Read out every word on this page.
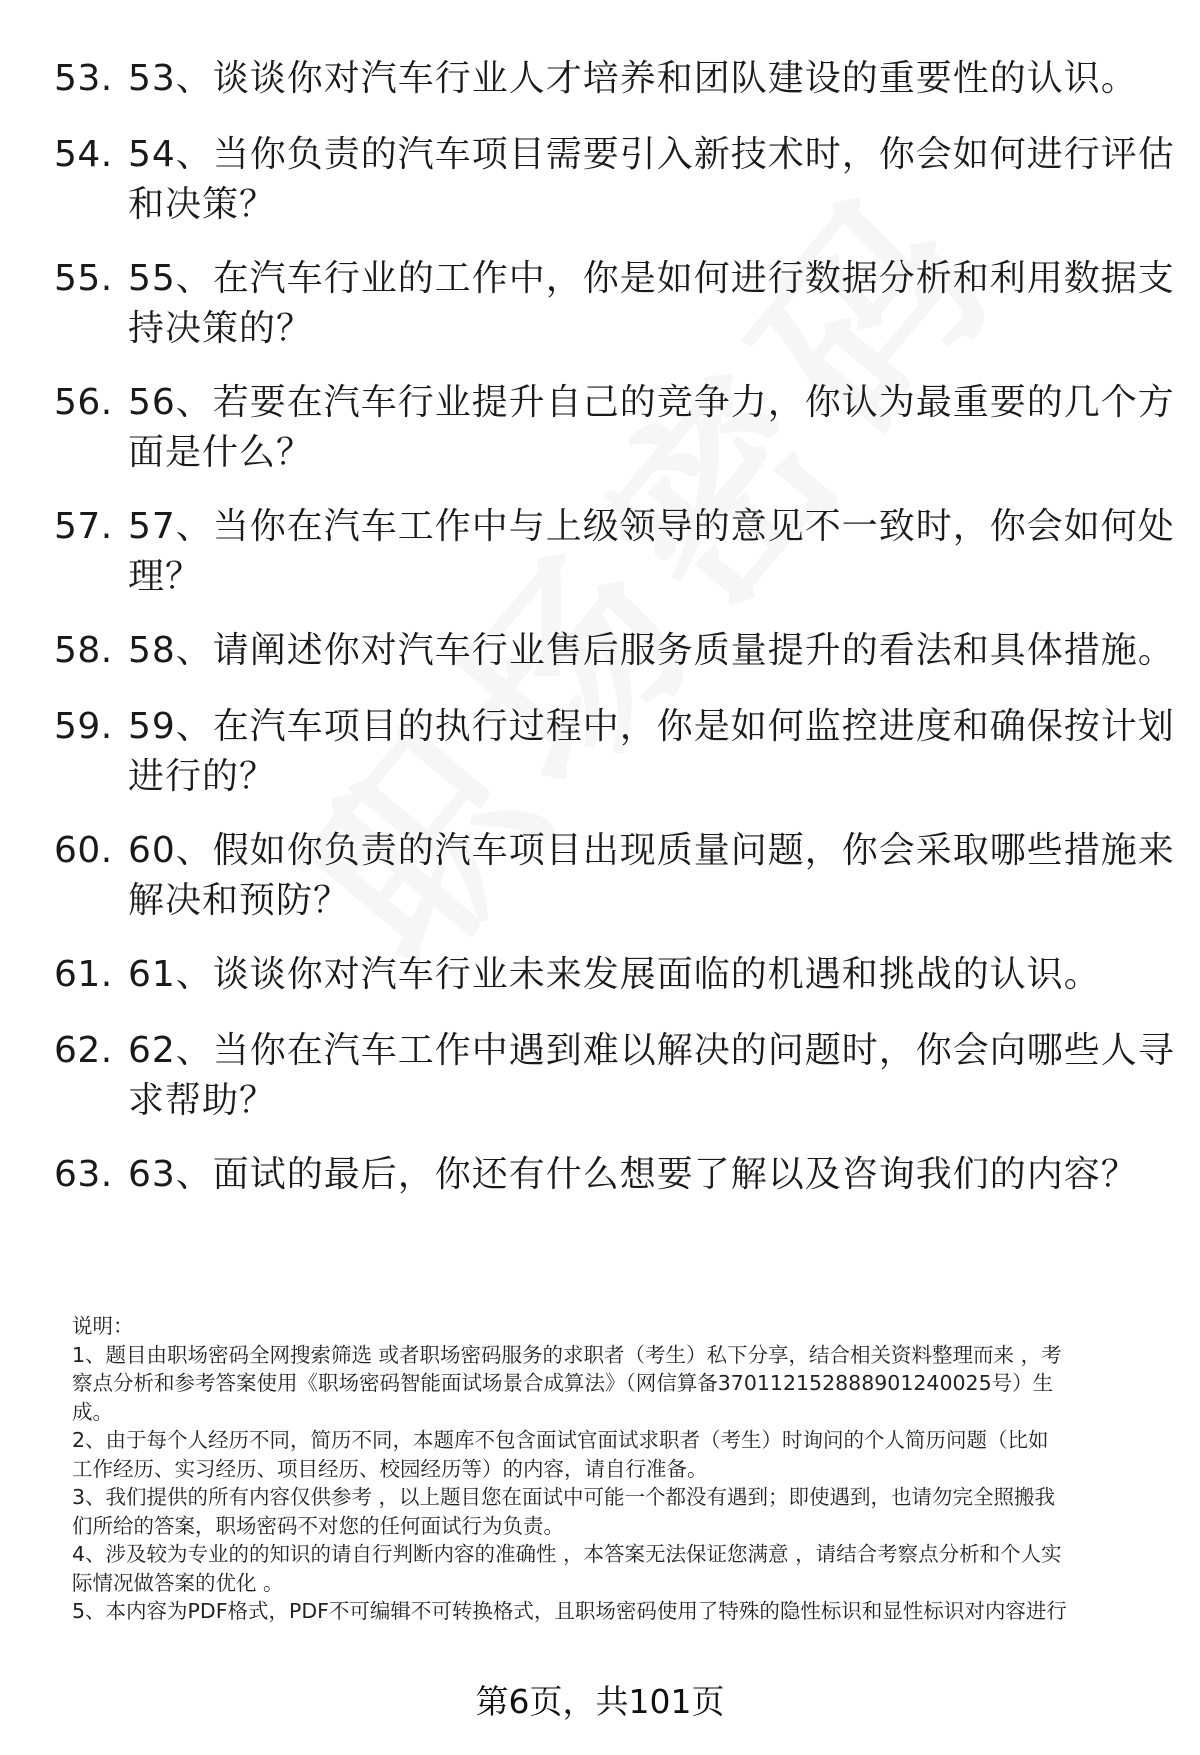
53. 53、谈谈你对汽车行业人才培养和团队建设的重要性的认识。
54. 54、当你负责的汽车项目需要引入新技术时，你会如何进行评估
和决策？
55. 55、在汽车行业的工作中，你是如何进行数据分析和利用数据支
持决策的？
56. 56、若要在汽车行业提升自己的竞争力，你认为最重要的几个方
面是什么？
57. 57、当你在汽车工作中与上级领导的意见不一致时，你会如何处
理？
58. 58、请阐述你对汽车行业售后服务质量提升的看法和具体措施。
59. 59、在汽车项目的执行过程中，你是如何监控进度和确保按计划
进行的？
60. 60、假如你负责的汽车项目出现质量问题，你会采取哪些措施来
解决和预防？
61. 61、谈谈你对汽车行业未来发展面临的机遇和挑战的认识。
62. 62、当你在汽车工作中遇到难以解决的问题时，你会向哪些人寻
求帮助？
63. 63、面试的最后，你还有什么想要了解以及咨询我们的内容？
说明：
1、题目由职场密码全网搜索筛选 或者职场密码服务的求职者（考生）私下分享，结合相关资料整理而来 ，考
察点分析和参考答案使用《职场密码智能面试场景合成算法》（网信算备370112152888901240025号）生
成。
2、由于每个人经历不同，简历不同，本题库不包含面试官面试求职者（考生）时询问的个人简历问题（比如
工作经历、实习经历、项目经历、校园经历等）的内容，请自行准备。
3、我们提供的所有内容仅供参考 ，以上题目您在面试中可能一个都没有遇到；即使遇到，也请勿完全照搬我
们所给的答案，职场密码不对您的任何面试行为负责。
4、涉及较为专业的的知识的请自行判断内容的准确性 ，本答案无法保证您满意 ，请结合考察点分析和个人实
际情况做答案的优化 。
5、本内容为PDF格式，PDF不可编辑不可转换格式，且职场密码使用了特殊的隐性标识和显性标识对内容进行
第6页，共101页
